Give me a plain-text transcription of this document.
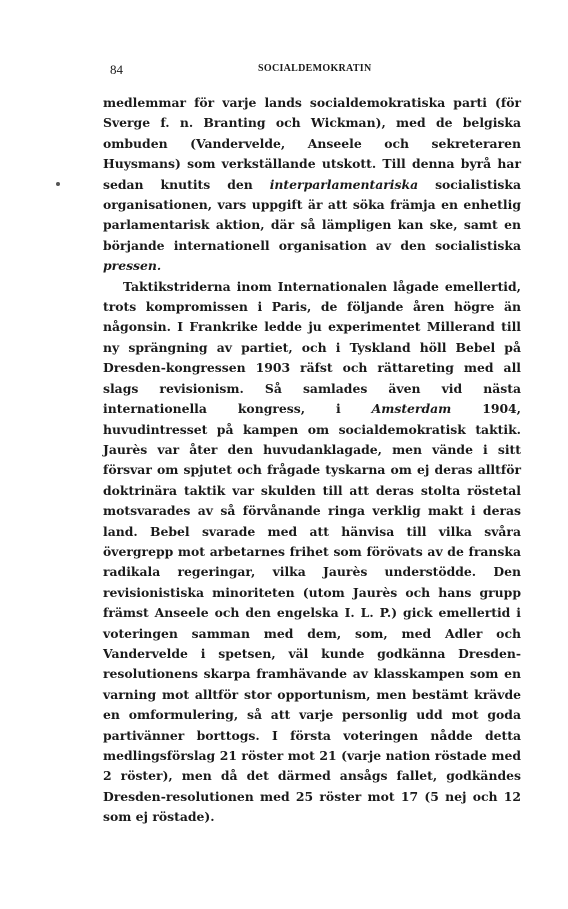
84	SOCIALDEMOKRATIN

medlemmar för varje lands socialdemokratiska parti (för Sverge f. n. Branting och Wickman), med de belgiska ombuden (Vandervelde, Anseele och sekreteraren Huysmans) som verkställande utskott. Till denna byrå har sedan knutits den interparlamentariska socialistiska organisationen, vars uppgift är att söka främja en enhetlig parlamentarisk aktion, där så lämpligen kan ske, samt en börjande internationell organisation av den socialistiska pressen.

Taktikstriderna inom Internationalen lågade emellertid, trots kompromissen i Paris, de följande åren högre än någonsin. I Frankrike ledde ju experimentet Millerand till ny sprängning av partiet, och i Tyskland höll Bebel på Dresden-kongressen 1903 räfst och rättareting med all slags revisionism. Så samlades även vid nästa internationella kongress, i Amsterdam 1904, huvudintresset på kampen om socialdemokratisk taktik. Jaurès var åter den huvudanklagade, men vände i sitt försvar om spjutet och frågade tyskarna om ej deras alltför doktrinära taktik var skulden till att deras stolta röstetal motsvarades av så förvånande ringa verklig makt i deras land. Bebel svarade med att hänvisa till vilka svåra övergrepp mot arbetarnes frihet som förövats av de franska radikala regeringar, vilka Jaurès understödde. Den revisionistiska minoriteten (utom Jaurès och hans grupp främst Anseele och den engelska I. L. P.) gick emellertid i voteringen samman med dem, som, med Adler och Vandervelde i spetsen, väl kunde godkänna Dresden-resolutionens skarpa framhävande av klasskampen som en varning mot alltför stor opportunism, men bestämt krävde en omformulering, så att varje personlig udd mot goda partivänner borttogs. I första voteringen nådde detta medlingsförslag 21 röster mot 21 (varje nation röstade med 2 röster), men då det därmed ansågs fallet, godkändes Dresden-resolutionen med 25 röster mot 17 (5 nej och 12 som ej röstade).
